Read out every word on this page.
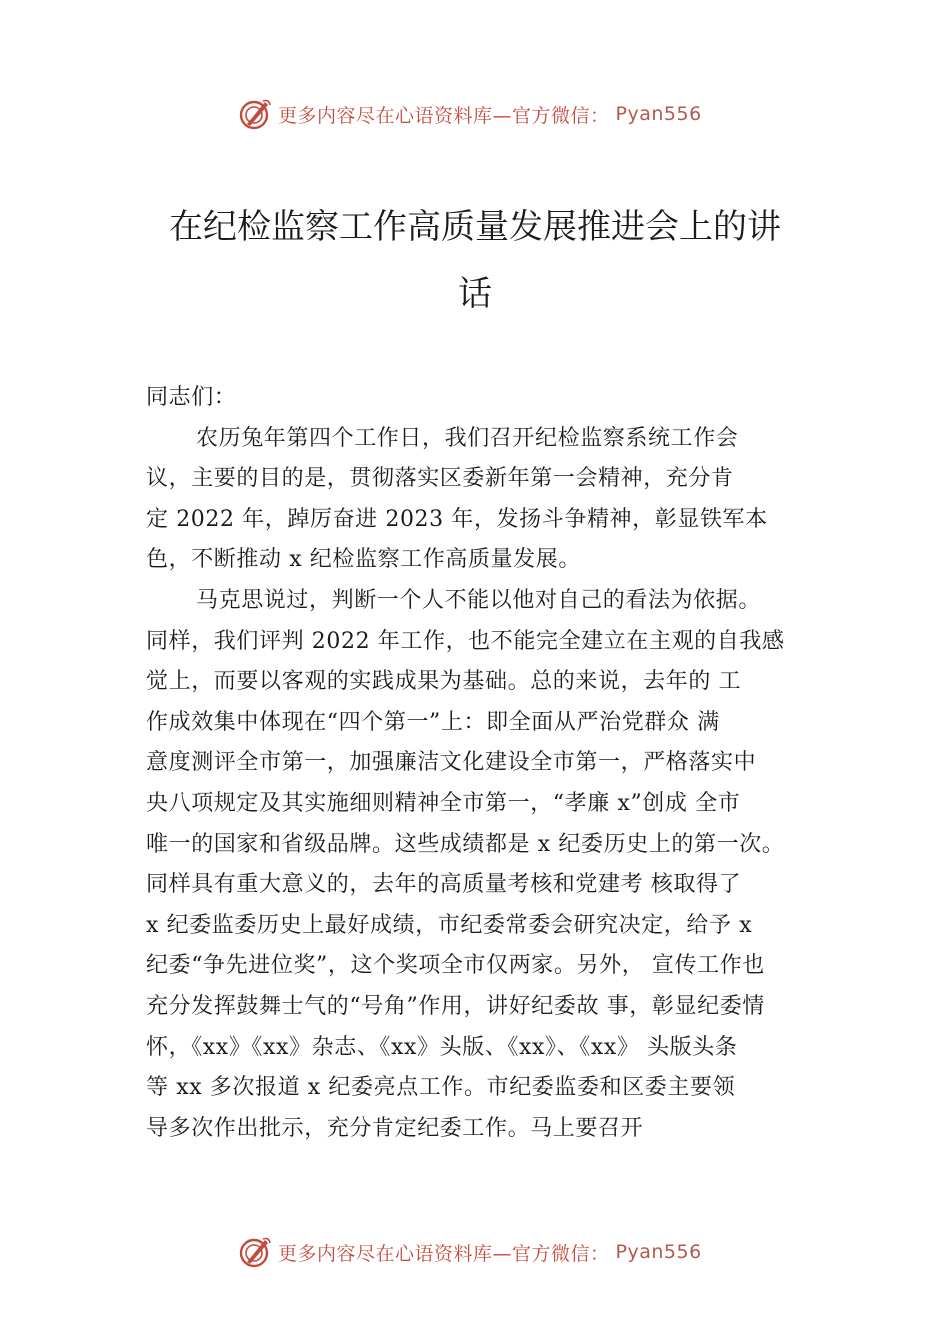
更多内容尽在心语资料库—官方微信： Pyan556
在纪检监察工作高质量发展推进会上的讲
话
同志们：
农历兔年第四个工作日，我们召开纪检监察系统工作会
议，主要的目的是，贯彻落实区委新年第一会精神，充分肯
定 2022 年，踔厉奋进 2023 年，发扬斗争精神，彰显铁军本
色，不断推动 x 纪检监察工作高质量发展。
马克思说过，判断一个人不能以他对自己的看法为依据。
同样，我们评判 2022 年工作，也不能完全建立在主观的自我感
觉上，而要以客观的实践成果为基础。总的来说，去年的 工
作成效集中体现在“四个第一”上：即全面从严治党群众 满
意度测评全市第一，加强廉洁文化建设全市第一，严格落实中
央八项规定及其实施细则精神全市第一，“孝廉 x”创成 全市
唯一的国家和省级品牌。这些成绩都是 x 纪委历史上的第一次。
同样具有重大意义的，去年的高质量考核和党建考 核取得了
x 纪委监委历史上最好成绩，市纪委常委会研究决定，给予 x
纪委“争先进位奖”，这个奖项全市仅两家。另外， 宣传工作也
充分发挥鼓舞士气的“号角”作用，讲好纪委故 事，彰显纪委情
怀，《xx》《xx》杂志、《xx》头版、《xx》、《xx》 头版头条
等 xx 多次报道 x 纪委亮点工作。市纪委监委和区委主要领
导多次作出批示，充分肯定纪委工作。马上要召开
更多内容尽在心语资料库—官方微信： Pyan556
